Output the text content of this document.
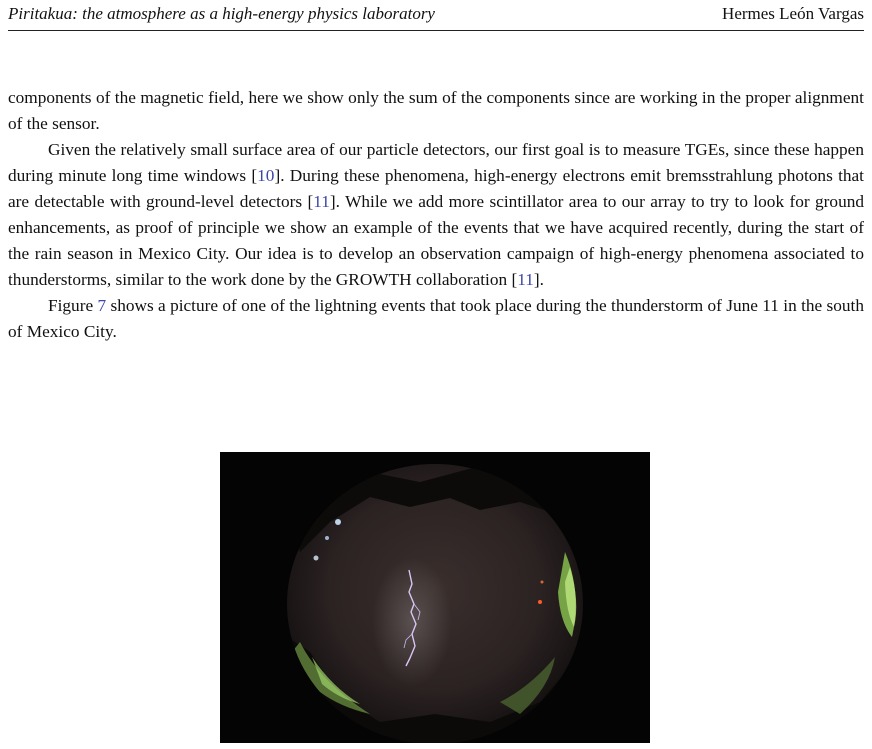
Piritakua: the atmosphere as a high-energy physics laboratory	Hermes León Vargas

components of the magnetic field, here we show only the sum of the components since are working in the proper alignment of the sensor.

Given the relatively small surface area of our particle detectors, our first goal is to measure TGEs, since these happen during minute long time windows [10]. During these phenomena, high-energy electrons emit bremsstrahlung photons that are detectable with ground-level detectors [11]. While we add more scintillator area to our array to try to look for ground enhancements, as proof of principle we show an example of the events that we have acquired recently, during the start of the rain season in Mexico City. Our idea is to develop an observation campaign of high-energy phenomena associated to thunderstorms, similar to the work done by the GROWTH collaboration [11].

Figure 7 shows a picture of one of the lightning events that took place during the thunderstorm of June 11 in the south of Mexico City.
